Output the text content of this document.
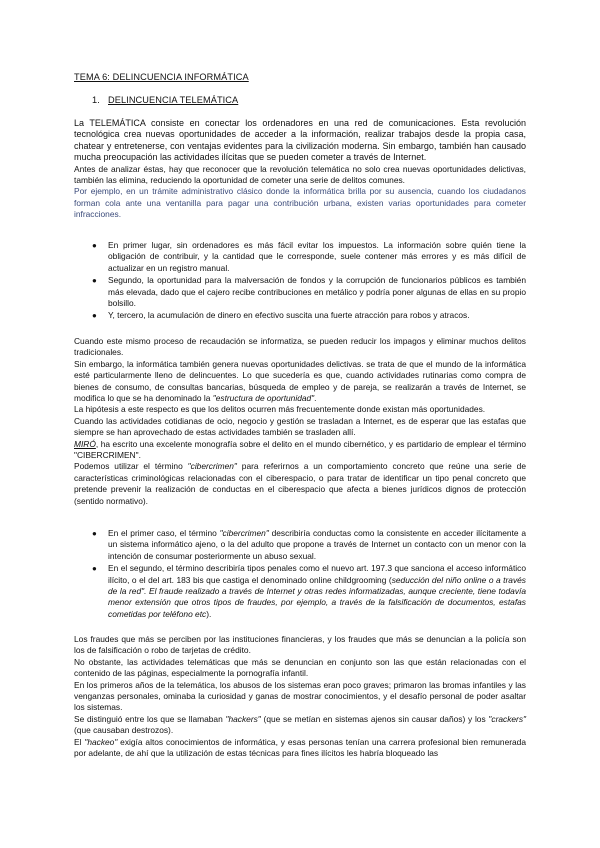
TEMA 6: DELINCUENCIA INFORMÁTICA
1. DELINCUENCIA TELEMÁTICA

La TELEMÁTICA consiste en conectar los ordenadores en una red de comunicaciones. Esta revolución tecnológica crea nuevas oportunidades de acceder a la información, realizar trabajos desde la propia casa, chatear y entretenerse, con ventajas evidentes para la civilización moderna. Sin embargo, también han causado mucha preocupación las actividades ilícitas que se pueden cometer a través de Internet.

Antes de analizar éstas, hay que reconocer que la revolución telemática no solo crea nuevas oportunidades delictivas, también las elimina, reduciendo la oportunidad de cometer una serie de delitos comunes.

Por ejemplo, en un trámite administrativo clásico donde la informática brilla por su ausencia, cuando los ciudadanos forman cola ante una ventanilla para pagar una contribución urbana, existen varias oportunidades para cometer infracciones.

● En primer lugar, sin ordenadores es más fácil evitar los impuestos. La información sobre quién tiene la obligación de contribuir, y la cantidad que le corresponde, suele contener más errores y es más difícil de actualizar en un registro manual.
● Segundo, la oportunidad para la malversación de fondos y la corrupción de funcionarios públicos es también más elevada, dado que el cajero recibe contribuciones en metálico y podría poner algunas de ellas en su propio bolsillo.
● Y, tercero, la acumulación de dinero en efectivo suscita una fuerte atracción para robos y atracos.

Cuando este mismo proceso de recaudación se informatiza, se pueden reducir los impagos y eliminar muchos delitos tradicionales.

Sin embargo, la informática también genera nuevas oportunidades delictivas. se trata de que el mundo de la informática esté particularmente lleno de delincuentes. Lo que sucedería es que, cuando actividades rutinarias como compra de bienes de consumo, de consultas bancarias, búsqueda de empleo y de pareja, se realizarán a través de Internet, se modifica lo que se ha denominado la "estructura de oportunidad".

La hipótesis a este respecto es que los delitos ocurren más frecuentemente donde existan más oportunidades.

Cuando las actividades cotidianas de ocio, negocio y gestión se trasladan a Internet, es de esperar que las estafas que siempre se han aprovechado de estas actividades también se trasladen allí.

MIRÓ, ha escrito una excelente monografía sobre el delito en el mundo cibernético, y es partidario de emplear el término "CIBERCRIMEN".

Podemos utilizar el término "cibercrimen" para referirnos a un comportamiento concreto que reúne una serie de características criminológicas relacionadas con el ciberespacio, o para tratar de identificar un tipo penal concreto que pretende prevenir la realización de conductas en el ciberespacio que afecta a bienes jurídicos dignos de protección (sentido normativo).

● En el primer caso, el término "cibercrimen" describiría conductas como la consistente en acceder ilícitamente a un sistema informático ajeno, o la del adulto que propone a través de Internet un contacto con un menor con la intención de consumar posteriormente un abuso sexual.
● En el segundo, el término describiría tipos penales como el nuevo art. 197.3 que sanciona el acceso informático ilícito, o el del art. 183 bis que castiga el denominado online childgrooming (seducción del niño online o a través de la red". El fraude realizado a través de Internet y otras redes informatizadas, aunque creciente, tiene todavía menor extensión que otros tipos de fraudes, por ejemplo, a través de la falsificación de documentos, estafas cometidas por teléfono etc).

Los fraudes que más se perciben por las instituciones financieras, y los fraudes que más se denuncian a la policía son los de falsificación o robo de tarjetas de crédito.

No obstante, las actividades telemáticas que más se denuncian en conjunto son las que están relacionadas con el contenido de las páginas, especialmente la pornografía infantil.

En los primeros años de la telemática, los abusos de los sistemas eran poco graves; primaron las bromas infantiles y las venganzas personales, ominaba la curiosidad y ganas de mostrar conocimientos, y el desafío personal de poder asaltar los sistemas.

Se distinguió entre los que se llamaban "hackers" (que se metían en sistemas ajenos sin causar daños) y los "crackers" (que causaban destrozos).

El "hackeo" exigía altos conocimientos de informática, y esas personas tenían una carrera profesional bien remunerada por adelante, de ahí que la utilización de estas técnicas para fines ilícitos les habría bloqueado las
